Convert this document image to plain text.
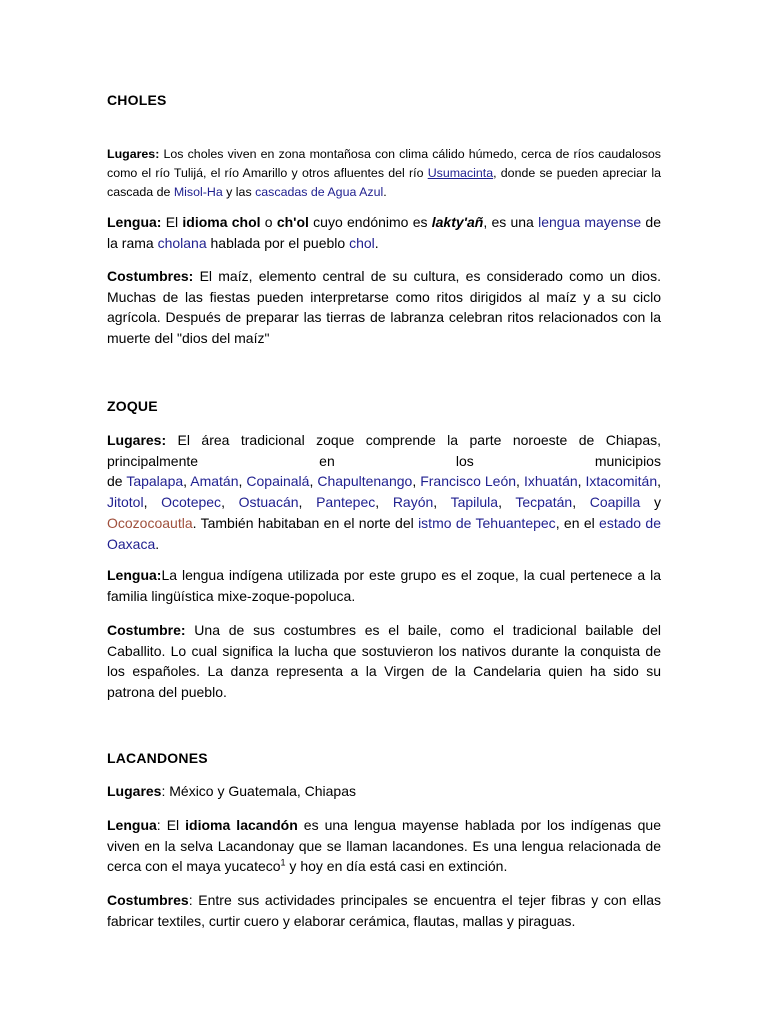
CHOLES

Lugares: Los choles viven en zona montañosa con clima cálido húmedo, cerca de ríos caudalosos como el río Tulijá, el río Amarillo y otros afluentes del río Usumacinta, donde se pueden apreciar la cascada de Misol-Ha y las cascadas de Agua Azul.

Lengua: El idioma chol o ch'ol cuyo endónimo es lakty'añ, es una lengua mayense de la rama cholana hablada por el pueblo chol.

Costumbres: El maíz, elemento central de su cultura, es considerado como un dios. Muchas de las fiestas pueden interpretarse como ritos dirigidos al maíz y a su ciclo agrícola. Después de preparar las tierras de labranza celebran ritos relacionados con la muerte del "dios del maíz"

ZOQUE
Lugares: El área tradicional zoque comprende la parte noroeste de Chiapas,
principalmente	en	los	municipios
de Tapalapa, Amatán, Copainalá, Chapultenango, Francisco León, Ixhuatán, Ixtacomitán, Jitotol, Ocotepec, Ostuacán, Pantepec, Rayón, Tapilula, Tecpatán, Coapilla y Ocozocoautla. También habitaban en el norte del istmo de Tehuantepec, en el estado de Oaxaca.

Lengua:La lengua indígena utilizada por este grupo es el zoque, la cual pertenece a la familia lingüística mixe-zoque-popoluca.

Costumbre: Una de sus costumbres es el baile, como el tradicional bailable del Caballito. Lo cual significa la lucha que sostuvieron los nativos durante la conquista de los españoles. La danza representa a la Virgen de la Candelaria quien ha sido su patrona del pueblo.

LACANDONES

Lugares: México y Guatemala, Chiapas

Lengua: El idioma lacandón es una lengua mayense hablada por los indígenas que viven en la selva Lacandonay que se llaman lacandones. Es una lengua relacionada de cerca con el maya yucateco$^1$ y hoy en día está casi en extinción.

Costumbres: Entre sus actividades principales se encuentra el tejer fibras y con ellas fabricar textiles, curtir cuero y elaborar cerámica, flautas, mallas y piraguas.
